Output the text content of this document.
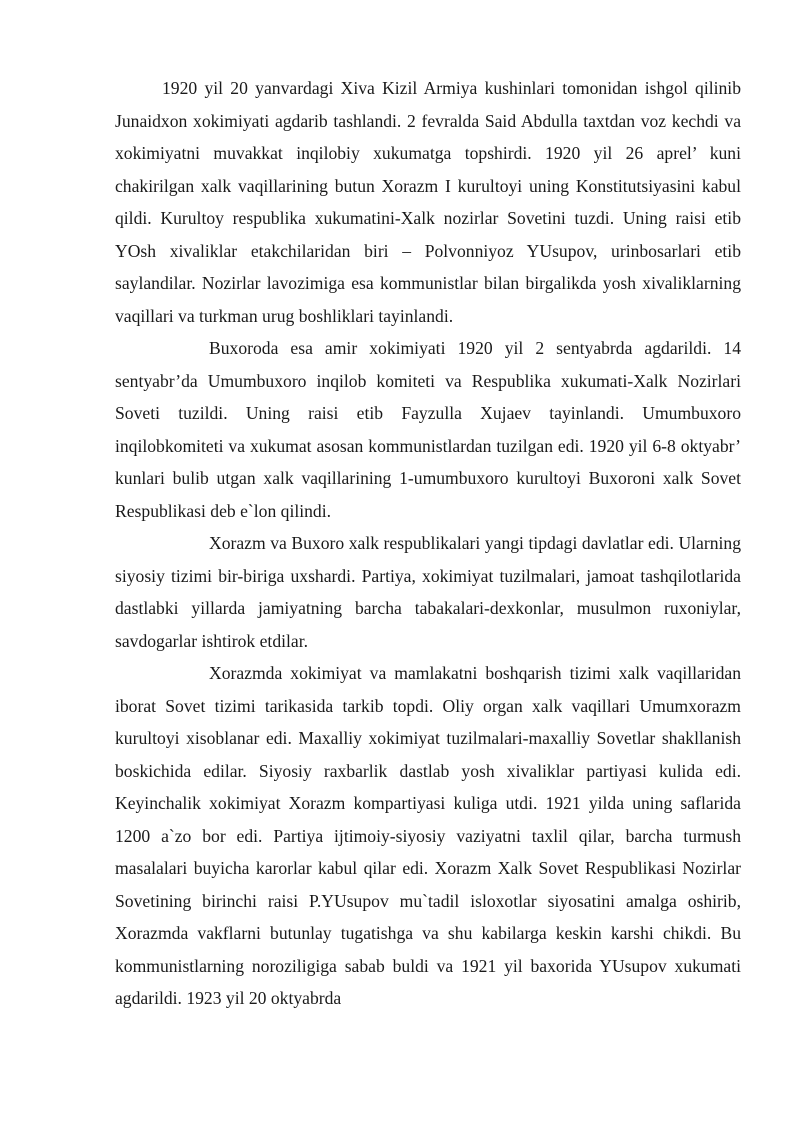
1920 yil 20 yanvardagi Xiva Kizil Armiya kushinlari tomonidan ishgol qilinib Junaidxon xokimiyati agdarib tashlandi. 2 fevralda Said Abdulla taxtdan voz kechdi va xokimiyatni muvakkat inqilobiy xukumatga topshirdi. 1920 yil 26 aprel’ kuni chakirilgan xalk vaqillarining butun Xorazm I kurultoyi uning Konstitutsiyasini kabul qildi. Kurultoy respublika xukumatini-Xalk nozirlar Sovetini tuzdi. Uning raisi etib YOsh xivaliklar etakchilaridan biri – Polvonniyoz YUsupov, urinbosarlari etib saylandilar. Nozirlar lavozimiga esa kommunistlar bilan birgalikda yosh xivaliklarning vaqillari va turkman urug boshliklari tayinlandi.

Buxoroda esa amir xokimiyati 1920 yil 2 sentyabrda agdarildi. 14 sentyabr’da Umumbuxoro inqilob komiteti va Respublika xukumati-Xalk Nozirlari Soveti tuzildi. Uning raisi etib Fayzulla Xujaev tayinlandi. Umumbuxoro inqilobkomiteti va xukumat asosan kommunistlardan tuzilgan edi. 1920 yil 6-8 oktyabr’ kunlari bulib utgan xalk vaqillarining 1-umumbuxoro kurultoyi Buxoroni xalk Sovet Respublikasi deb e`lon qilindi.

Xorazm va Buxoro xalk respublikalari yangi tipdagi davlatlar edi. Ularning siyosiy tizimi bir-biriga uxshardi. Partiya, xokimiyat tuzilmalari, jamoat tashqilotlarida dastlabki yillarda jamiyatning barcha tabakalari-dexkonlar, musulmon ruxoniylar, savdogarlar ishtirok etdilar.

Xorazmda xokimiyat va mamlakatni boshqarish tizimi xalk vaqillaridan iborat Sovet tizimi tarikasida tarkib topdi. Oliy organ xalk vaqillari Umumxorazm kurultoyi xisoblanar edi. Maxalliy xokimiyat tuzilmalari-maxalliy Sovetlar shakllanish boskichida edilar. Siyosiy raxbarlik dastlab yosh xivaliklar partiyasi kulida edi. Keyinchalik xokimiyat Xorazm kompartiyasi kuliga utdi. 1921 yilda uning saflarida 1200 a`zo bor edi. Partiya ijtimoiy-siyosiy vaziyatni taxlil qilar, barcha turmush masalalari buyicha karorlar kabul qilar edi. Xorazm Xalk Sovet Respublikasi Nozirlar Sovetining birinchi raisi P.YUsupov mu`tadil isloxotlar siyosatini amalga oshirib, Xorazmda vakflarni butunlay tugatishga va shu kabilarga keskin karshi chikdi. Bu kommunistlarning noroziligiga sabab buldi va 1921 yil baxorida YUsupov xukumati agdarildi. 1923 yil 20 oktyabrda
